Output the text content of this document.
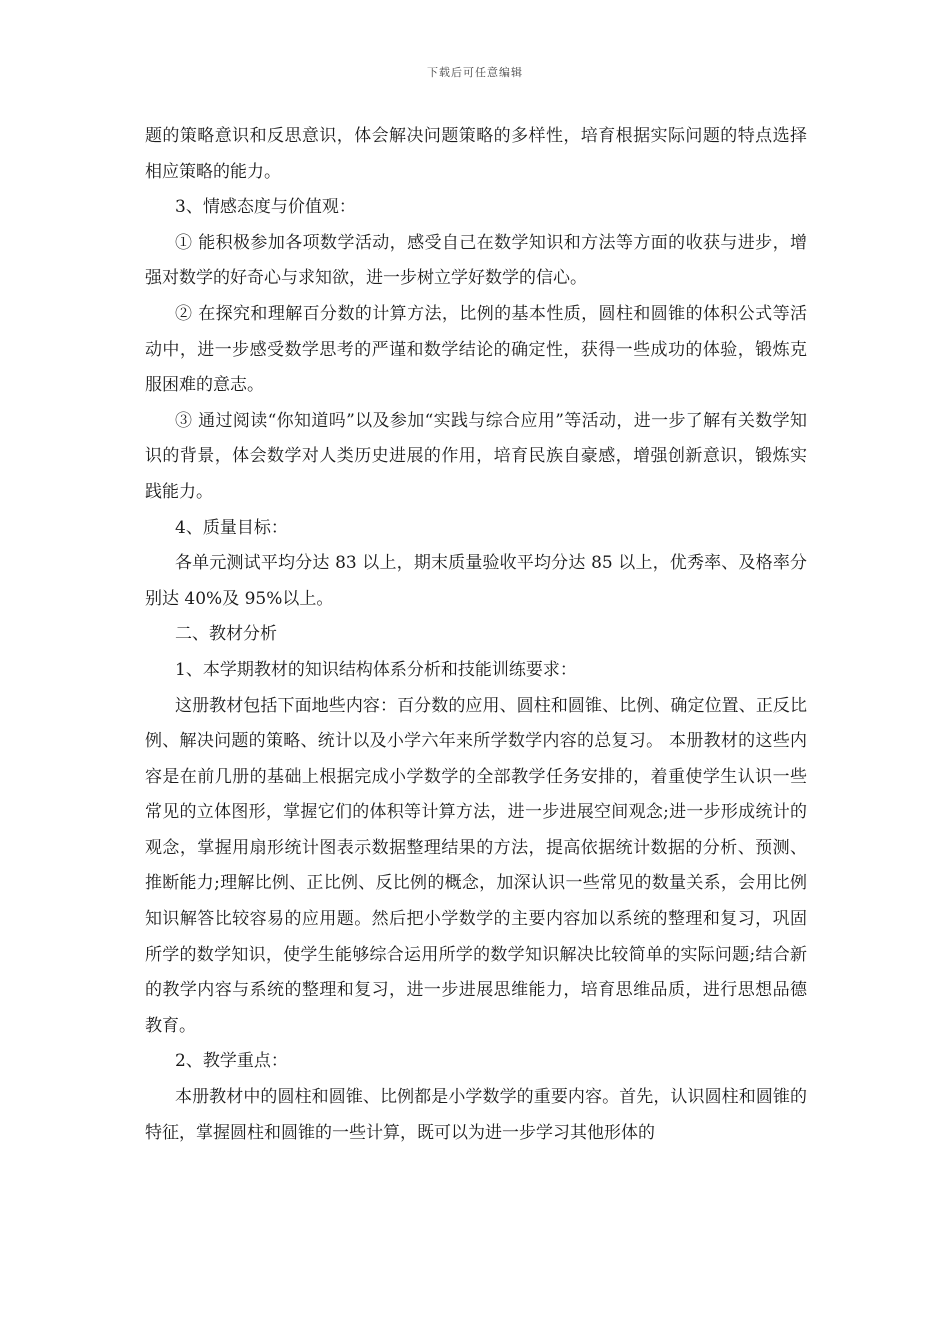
下载后可任意编辑

题的策略意识和反思意识，体会解决问题策略的多样性，培育根据实际问题的特点选择相应策略的能力。

3、情感态度与价值观：

① 能积极参加各项数学活动，感受自己在数学知识和方法等方面的收获与进步，增强对数学的好奇心与求知欲，进一步树立学好数学的信心。

② 在探究和理解百分数的计算方法，比例的基本性质，圆柱和圆锥的体积公式等活动中，进一步感受数学思考的严谨和数学结论的确定性，获得一些成功的体验，锻炼克服困难的意志。

③ 通过阅读“你知道吗”以及参加“实践与综合应用”等活动，进一步了解有关数学知识的背景，体会数学对人类历史进展的作用，培育民族自豪感，增强创新意识，锻炼实践能力。

4、质量目标：

各单元测试平均分达 83 以上，期末质量验收平均分达 85 以上，优秀率、及格率分别达 40%及 95%以上。

二、教材分析

1、本学期教材的知识结构体系分析和技能训练要求：

这册教材包括下面地些内容：百分数的应用、圆柱和圆锥、比例、确定位置、正反比例、解决问题的策略、统计以及小学六年来所学数学内容的总复习。 本册教材的这些内容是在前几册的基础上根据完成小学数学的全部教学任务安排的，着重使学生认识一些常见的立体图形，掌握它们的体积等计算方法，进一步进展空间观念;进一步形成统计的观念，掌握用扇形统计图表示数据整理结果的方法，提高依据统计数据的分析、预测、推断能力;理解比例、正比例、反比例的概念，加深认识一些常见的数量关系，会用比例知识解答比较容易的应用题。然后把小学数学的主要内容加以系统的整理和复习，巩固所学的数学知识，使学生能够综合运用所学的数学知识解决比较简单的实际问题;结合新的教学内容与系统的整理和复习，进一步进展思维能力，培育思维品质，进行思想品德教育。

2、教学重点：

本册教材中的圆柱和圆锥、比例都是小学数学的重要内容。首先，认识圆柱和圆锥的特征，掌握圆柱和圆锥的一些计算，既可以为进一步学习其他形体的
